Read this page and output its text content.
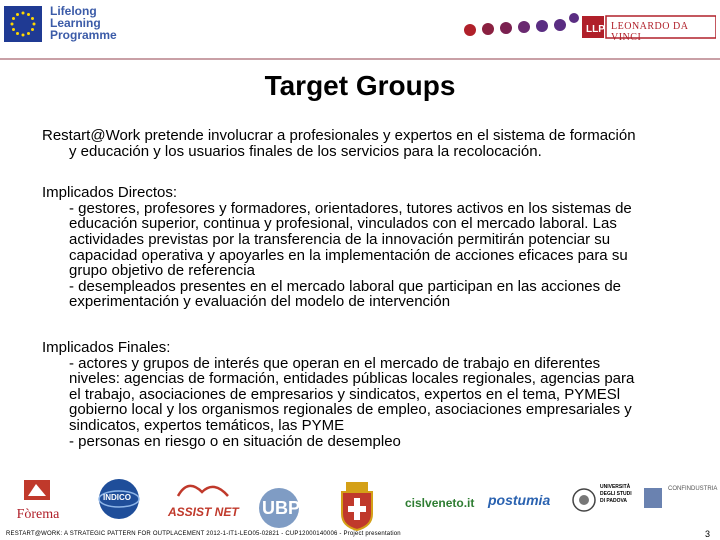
Lifelong
Learning
Programme	LLP LEONARDO DA VINCI
Target Groups
Restart@Work pretende involucrar a profesionales y expertos en el sistema de formación
y educación y los usuarios finales de los servicios para la recolocación.
Implicados Directos:
- gestores, profesores y formadores, orientadores, tutores activos en los sistemas de
educación superior, continua y profesional, vinculados con el mercado laboral. Las
actividades previstas por la transferencia de la innovación permitirán potenciar su
capacidad operativa y apoyarles en la implementación de acciones eficaces para su
grupo objetivo de referencia
- desempleados presentes en el mercado laboral que participan en las acciones de
experimentación y evaluación del modelo de intervención
Implicados Finales:
- actores y grupos de interés que operan en el mercado de trabajo en diferentes
niveles: agencias de formación, entidades públicas locales regionales, agencias para
el trabajo, asociaciones de empresarios y sindicatos, expertos en el tema, PYMESl
gobierno local y los organismos regionales de empleo, asociaciones empresariales y
sindicatos, expertos temáticos, las PYME
- personas en riesgo o en situación de desempleo
Fòrema
INDICO
ASSIST NET UBP	cislveneto.it postumia
UNIVERSITÀ DEGLI STUDI DI PADOVA
CONFINDUSTRIA
RESTART@WORK: A STRATEGIC PATTERN FOR OUTPLACEMENT 2012-1-IT1-LEO05-02821 - CUP12000140006 - Project presentation	3
